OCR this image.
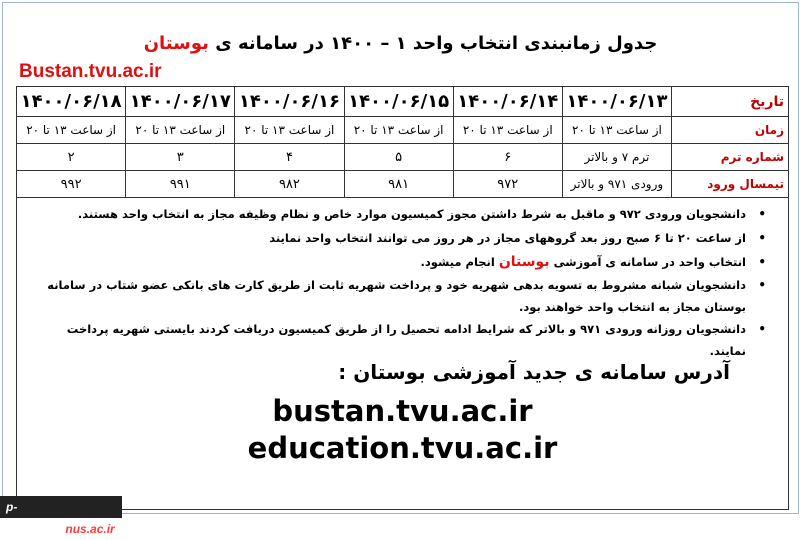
جدول زمانبندی انتخاب واحد ۱ – ۱۴۰۰ در سامانه ی بوستان
Bustan.tvu.ac.ir
تاریخ	۱۴۰۰/۰۶/۱۳	۱۴۰۰/۰۶/۱۴	۱۴۰۰/۰۶/۱۵	۱۴۰۰/۰۶/۱۶	۱۴۰۰/۰۶/۱۷	۱۴۰۰/۰۶/۱۸
زمان	از ساعت ۱۳ تا ۲۰	از ساعت ۱۳ تا ۲۰	از ساعت ۱۳ تا ۲۰	از ساعت ۱۳ تا ۲۰	از ساعت ۱۳ تا ۲۰	از ساعت ۱۳ تا ۲۰
شماره ترم	ترم ۷ و بالاتر	۶	۵	۴	۳	۲
تیمسال ورود	ورودی ۹۷۱ و بالاتر	۹۷۲	۹۸۱	۹۸۲	۹۹۱	۹۹۲
•
دانشجویان ورودی ۹۷۲ و ماقبل به شرط داشتن مجوز کمیسیون موارد خاص و نظام وظیفه مجاز به انتخاب واحد هستند.
•
از ساعت ۲۰ تا ۶ صبح روز بعد گروههای مجاز در هر روز می توانند انتخاب واحد نمایند
•
انتخاب واحد در سامانه ی آموزشی بوستان انجام میشود.
•
دانشجویان شبانه مشروط به تسویه بدهی شهریه خود و پرداخت شهریه ثابت از طریق کارت های بانکی عضو شتاب در سامانه بوستان مجاز به انتخاب واحد خواهند بود.
•
دانشجویان روزانه ورودی ۹۷۱ و بالاتر که شرایط ادامه تحصیل را از طریق کمیسیون دریافت کردند بایستی شهریه پرداخت نمایند.
آدرس سامانه ی جدید آموزشی بوستان :
bustan.tvu.ac.ir
education.tvu.ac.ir
p-safadasht.nus.ac.ir
